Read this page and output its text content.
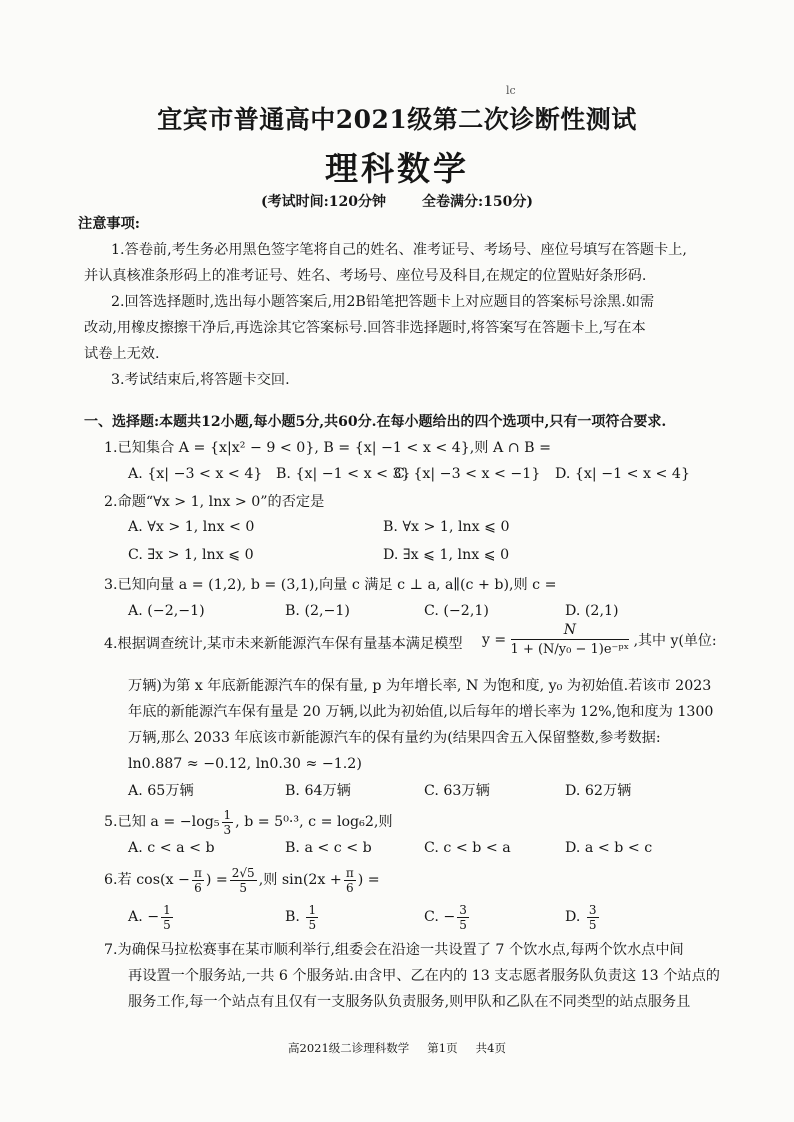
lc
宜宾市普通高中2021级第二次诊断性测试
理科数学
(考试时间:120分钟	全卷满分:150分)
注意事项:
1.答卷前,考生务必用黑色签字笔将自己的姓名、准考证号、考场号、座位号填写在答题卡上,
并认真核准条形码上的准考证号、姓名、考场号、座位号及科目,在规定的位置贴好条形码.
2.回答选择题时,选出每小题答案后,用2B铅笔把答题卡上对应题目的答案标号涂黑.如需
改动,用橡皮擦擦干净后,再选涂其它答案标号.回答非选择题时,将答案写在答题卡上,写在本
试卷上无效.
3.考试结束后,将答题卡交回.
一、选择题:本题共12小题,每小题5分,共60分.在每小题给出的四个选项中,只有一项符合要求.
1.已知集合 A = {x|x² − 9 < 0}, B = {x| −1 < x < 4},则 A ∩ B =
A. {x| −3 < x < 4} B. {x| −1 < x < 3}
C. {x| −3 < x < −1} D. {x| −1 < x < 4}
2.命题“∀x > 1, lnx > 0”的否定是
A. ∀x > 1, lnx < 0	B. ∀x > 1, lnx ⩽ 0
C. ∃x > 1, lnx ⩽ 0	D. ∃x ⩽ 1, lnx ⩽ 0
3.已知向量 a = (1,2), b = (3,1),向量 c 满足 c ⊥ a, a∥(c + b),则 c =
A. (−2,−1)	B. (2,−1)	C. (−2,1)	D. (2,1)
4.根据调查统计,某市未来新能源汽车保有量基本满足模型 $y = \frac{N}{\text{1 + (N/y₀ − 1)e⁻ᵖˣ}}$ ,其中 y(单位:
万辆)为第 x 年底新能源汽车的保有量, p 为年增长率, N 为饱和度, y₀ 为初始值.若该市 2023
年底的新能源汽车保有量是 20 万辆,以此为初始值,以后每年的增长率为 12%,饱和度为 1300
万辆,那么 2033 年底该市新能源汽车的保有量约为(结果四舍五入保留整数,参考数据:
ln0.887 ≈ −0.12, ln0.30 ≈ −1.2)
A. 65万辆	B. 64万辆	C. 63万辆	D. 62万辆
5.已知 $a = -\log_5 \frac{1}{3}$ , b = 5⁰·³, c = log₆2,则
A. c < a < b	B. a < c < b	C. c < b < a	D. a < b < c
6.若 $\cos(x - \frac{\pi}{6}$ ) = $\frac{2√5}{5}$ ,则 $\sin(2x + \frac{\pi}{6}$ ) =
A. − $\frac{1}{5}$	B. $\frac{1}{5}$	C. − $\frac{3}{5}$	D. $\frac{3}{5}$
7.为确保马拉松赛事在某市顺利举行,组委会在沿途一共设置了 7 个饮水点,每两个饮水点中间
再设置一个服务站,一共 6 个服务站.由含甲、乙在内的 13 支志愿者服务队负责这 13 个站点的
服务工作,每一个站点有且仅有一支服务队负责服务,则甲队和乙队在不同类型的站点服务且
高2021级二诊理科数学 第1页 共4页
